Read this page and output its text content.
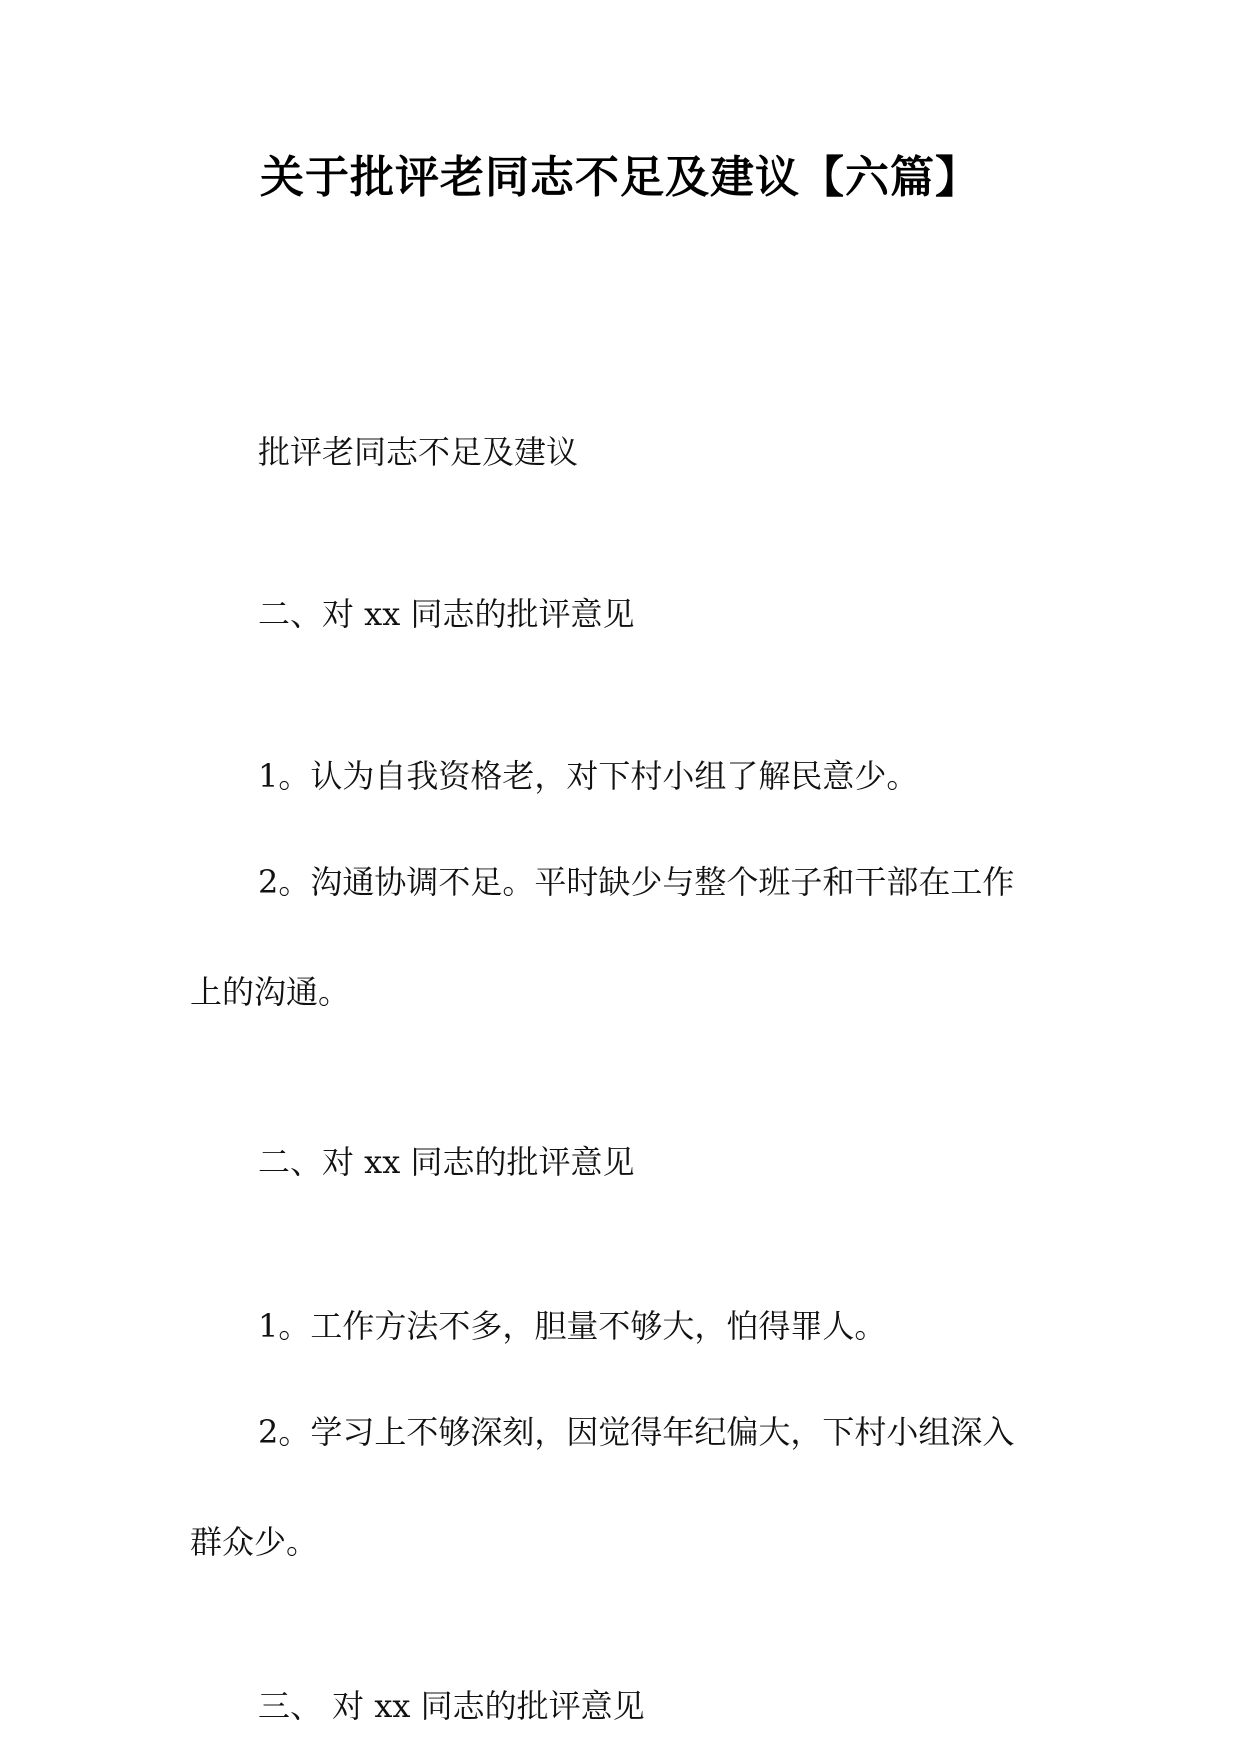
关于批评老同志不足及建议【六篇】
批评老同志不足及建议
二、对 xx 同志的批评意见
1。认为自我资格老，对下村小组了解民意少。
2。沟通协调不足。平时缺少与整个班子和干部在工作
上的沟通。
二、对 xx 同志的批评意见
1。工作方法不多，胆量不够大，怕得罪人。
2。学习上不够深刻，因觉得年纪偏大，下村小组深入
群众少。
三、 对 xx 同志的批评意见
